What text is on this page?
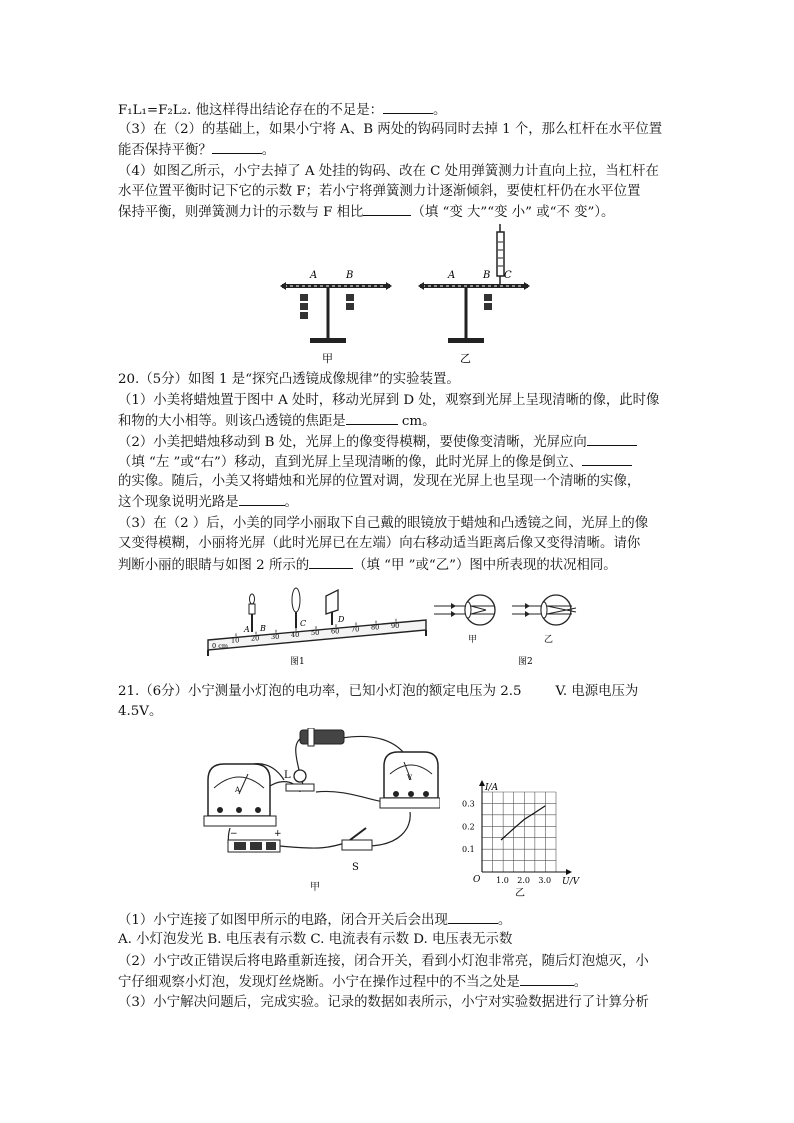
F₁L₁=F₂L₂. 他这样得出结论存在的不足是：	。
（3）在（2）的基础上，如果小宁将 A、B 两处的钩码同时去掉 1 个，那么杠杆在水平位置
能否保持平衡？	。
（4）如图乙所示，小宁去掉了 A 处挂的钩码、改在 C 处用弹簧测力计直向上拉，当杠杆在
水平位置平衡时记下它的示数 F；若小宁将弹簧测力计逐渐倾斜，要使杠杆仍在水平位置
保持平衡，则弹簧测力计的示数与 F 相比	（填 “变 大”“变 小” 或“不 变”）。
A	B
甲
A	B C
乙
20.（5分）如图 1 是“探究凸透镜成像规律”的实验装置。
（1）小美将蜡烛置于图中 A 处时，移动光屏到 D 处，观察到光屏上呈现清晰的像，此时像
和物的大小相等。则该凸透镜的焦距是	cm。
（2）小美把蜡烛移动到 B 处，光屏上的像变得模糊，要使像变清晰，光屏应向
（填 “左 ”或“右”）移动，直到光屏上呈现清晰的像，此时光屏上的像是倒立、
的实像。随后，小美又将蜡烛和光屏的位置对调，发现在光屏上也呈现一个清晰的实像，
这个现象说明光路是	。
（3）在（2 ）后，小美的同学小丽取下自己戴的眼镜放于蜡烛和凸透镜之间，光屏上的像
又变得模糊，小丽将光屏（此时光屏已在左端）向右移动适当距离后像又变得清晰。请你
判断小丽的眼睛与如图 2 所示的	（填 “甲 ”或“乙”）图中所表现的状况相同。
10 20 30 40 50 60 70 80 90
0 cm
A B
C	D
图1
甲	乙
图2
21.（6分）小宁测量小灯泡的电功率，已知小灯泡的额定电压为 2.5	V. 电源电压为
4.5V。
A
L	V
−	+
S
甲
1.0 2.0 3.0
0.1
0.2
0.3
I/A
U/V
O
乙
（1）小宁连接了如图甲所示的电路，闭合开关后会出现	。
A. 小灯泡发光 B. 电压表有示数 C. 电流表有示数 D. 电压表无示数
（2）小宁改正错误后将电路重新连接，闭合开关，看到小灯泡非常亮，随后灯泡熄灭，小
宁仔细观察小灯泡，发现灯丝烧断。小宁在操作过程中的不当之处是	。
（3）小宁解决问题后，完成实验。记录的数据如表所示，小宁对实验数据进行了计算分析
